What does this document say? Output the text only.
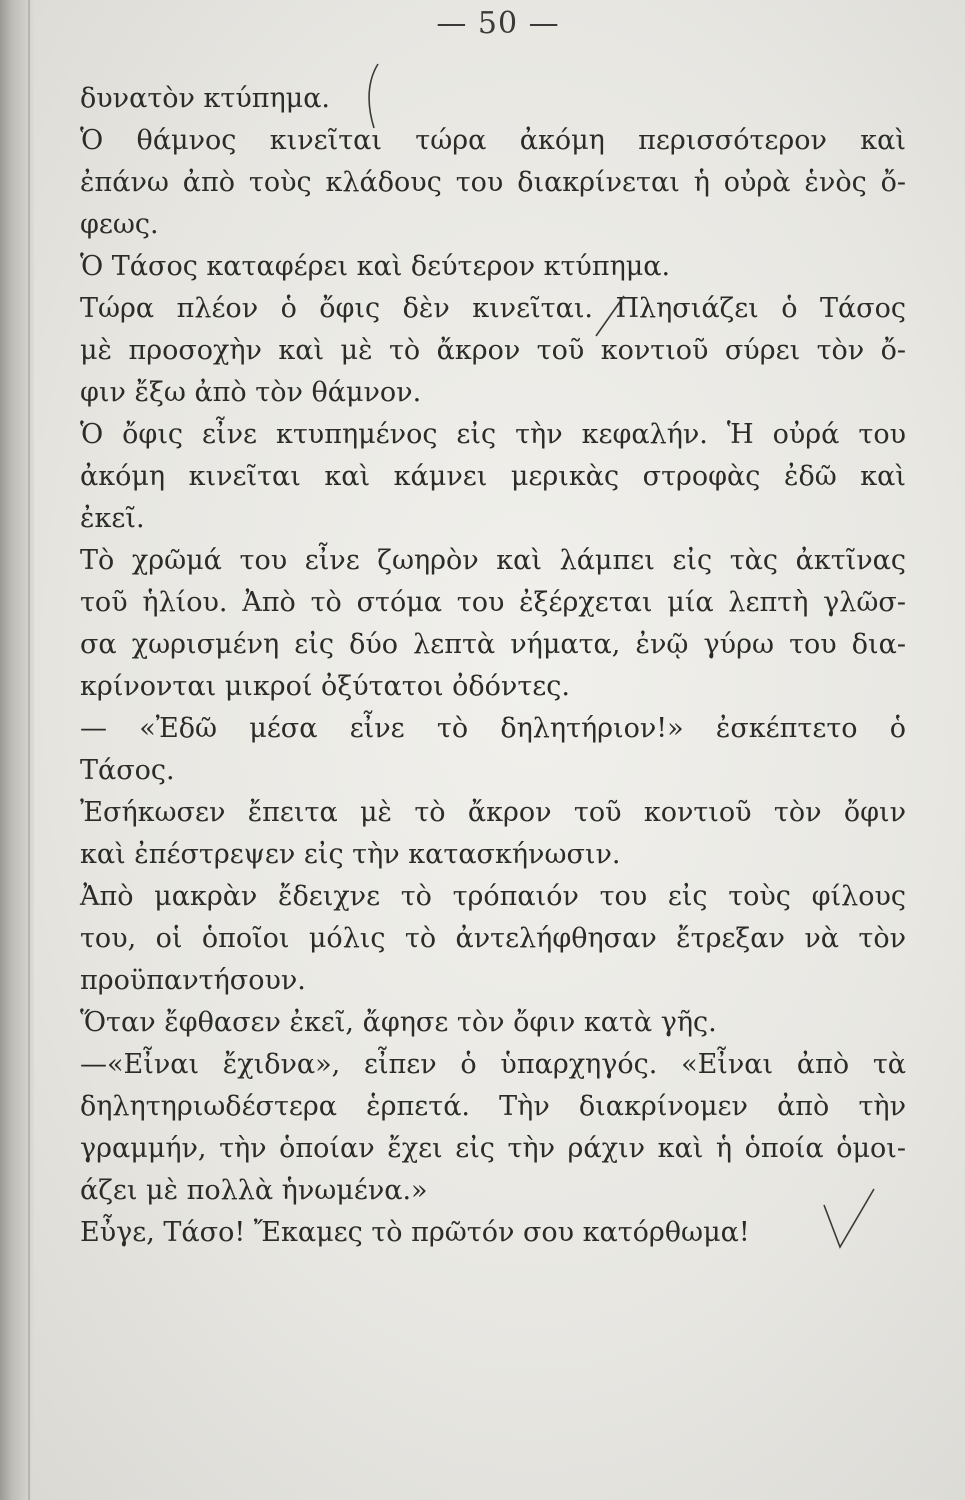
— 50 —
δυνατὸν κτύπημα.
Ὁ θάμνος κινεῖται τώρα ἀκόμη περισσότερον καὶ
ἐπάνω ἀπὸ τοὺς κλάδους του διακρίνεται ἡ οὐρὰ ἑνὸς ὄ-
φεως.
Ὁ Τάσος καταφέρει καὶ δεύτερον κτύπημα.
Τώρα πλέον ὁ ὄφις δὲν κινεῖται. Πλησιάζει ὁ Τάσος
μὲ προσοχὴν καὶ μὲ τὸ ἄκρον τοῦ κοντιοῦ σύρει τὸν ὄ-
φιν ἔξω ἀπὸ τὸν θάμνον.
Ὁ ὄφις εἶνε κτυπημένος εἰς τὴν κεφαλήν. Ἡ οὐρά του
ἀκόμη κινεῖται καὶ κάμνει μερικὰς στροφὰς ἐδῶ καὶ
ἐκεῖ.
Τὸ χρῶμά του εἶνε ζωηρὸν καὶ λάμπει εἰς τὰς ἀκτῖνας
τοῦ ἡλίου. Ἀπὸ τὸ στόμα του ἐξέρχεται μία λεπτὴ γλῶσ-
σα χωρισμένη εἰς δύο λεπτὰ νήματα, ἐνῷ γύρω του δια-
κρίνονται μικροί ὀξύτατοι ὀδόντες.
— «Ἐδῶ μέσα εἶνε τὸ δηλητήριον!» ἐσκέπτετο ὁ
Τάσος.
Ἐσήκωσεν ἔπειτα μὲ τὸ ἄκρον τοῦ κοντιοῦ τὸν ὄφιν
καὶ ἐπέστρεψεν εἰς τὴν κατασκήνωσιν.
Ἀπὸ μακρὰν ἔδειχνε τὸ τρόπαιόν του εἰς τοὺς φίλους
του, οἱ ὁποῖοι μόλις τὸ ἀντελήφθησαν ἔτρεξαν νὰ τὸν
προϋπαντήσουν.
Ὅταν ἔφθασεν ἐκεῖ, ἄφησε τὸν ὄφιν κατὰ γῆς.
—«Εἶναι ἔχιδνα», εἶπεν ὁ ὑπαρχηγός. «Εἶναι ἀπὸ τὰ
δηλητηριωδέστερα ἑρπετά. Τὴν διακρίνομεν ἀπὸ τὴν
γραμμήν, τὴν ὁποίαν ἔχει εἰς τὴν ράχιν καὶ ἡ ὁποία ὁμοι-
άζει μὲ πολλὰ ἡνωμένα.»
Εὖγε, Τάσο! Ἔκαμες τὸ πρῶτόν σου κατόρθωμα!
